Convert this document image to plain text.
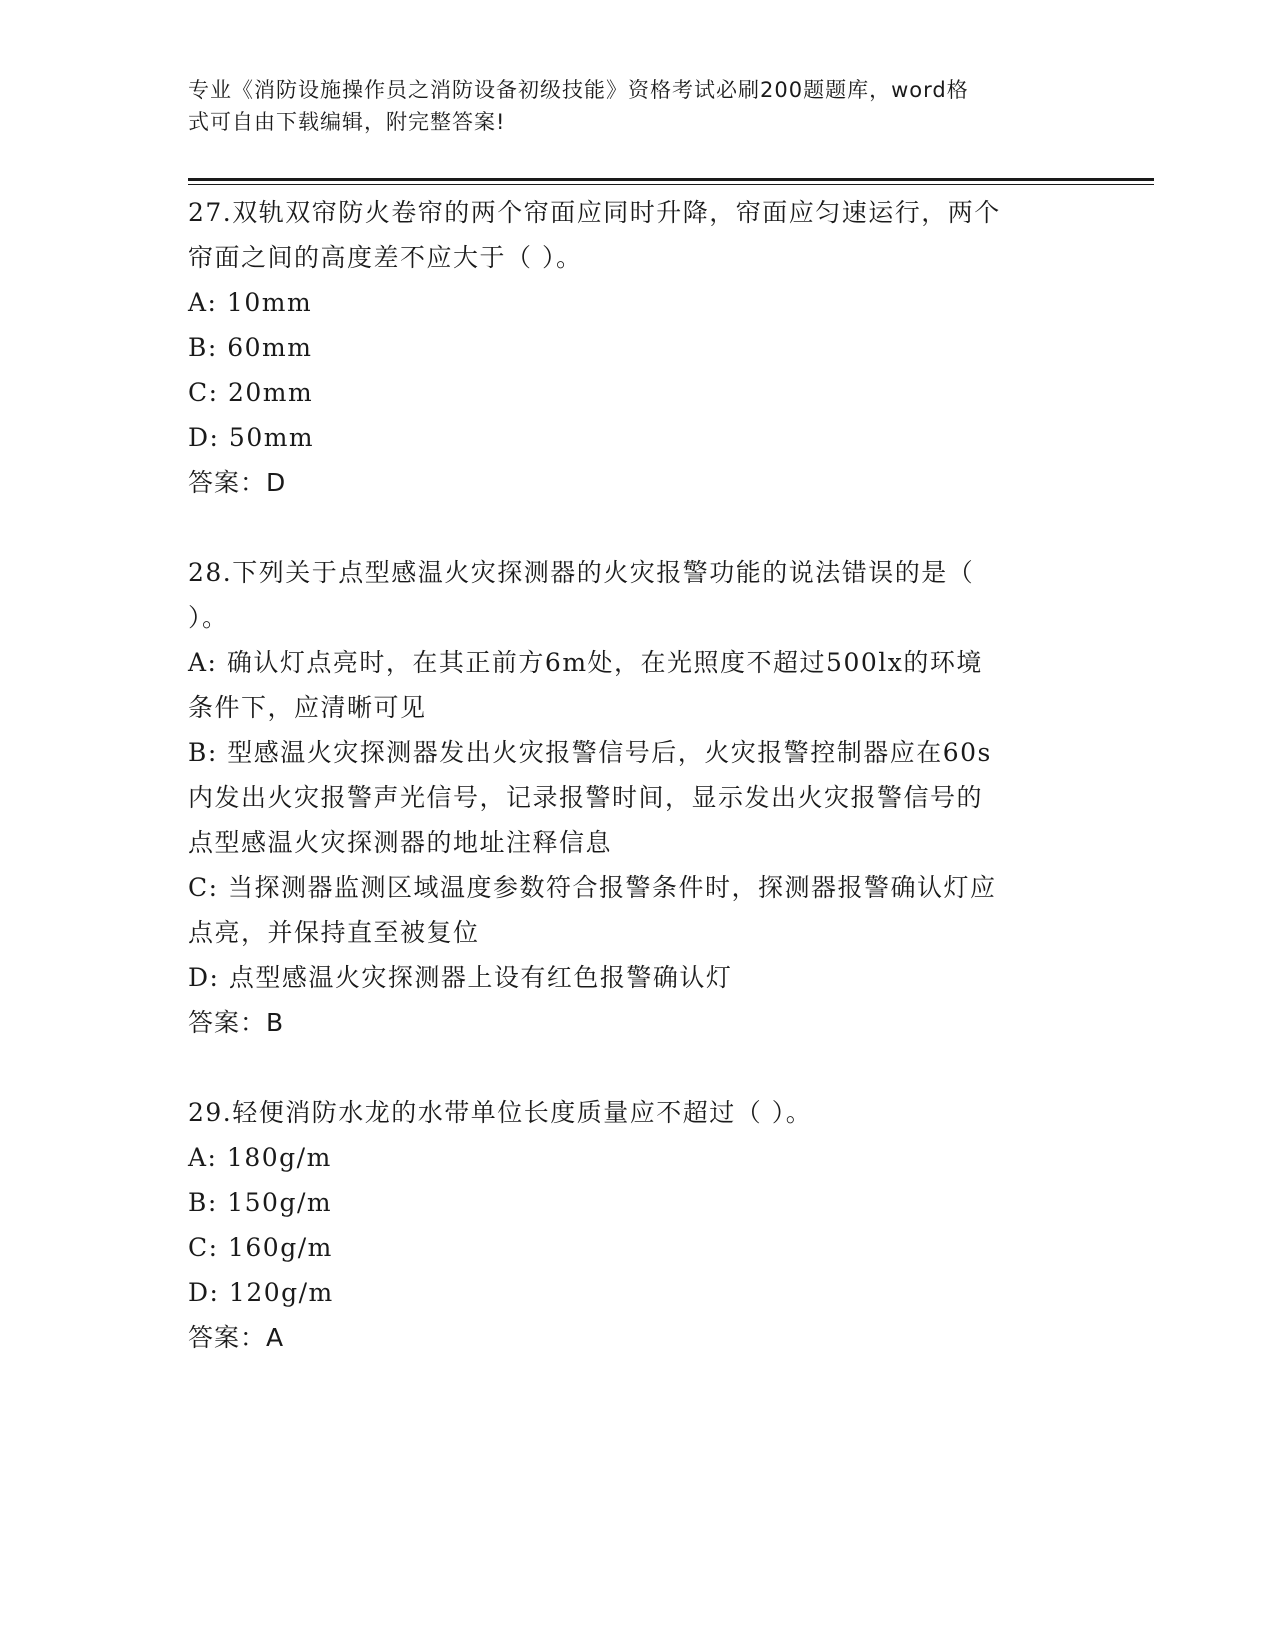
专业《消防设施操作员之消防设备初级技能》资格考试必刷200题题库，word格
式可自由下载编辑，附完整答案!

27.双轨双帘防火卷帘的两个帘面应同时升降，帘面应匀速运行，两个

帘面之间的高度差不应大于（ ）。

A: 10mm

B: 60mm

C: 20mm

D: 50mm

答案：D

28.下列关于点型感温火灾探测器的火灾报警功能的说法错误的是（

）。

A: 确认灯点亮时，在其正前方6m处，在光照度不超过500lx的环境

条件下，应清晰可见

B: 型感温火灾探测器发出火灾报警信号后，火灾报警控制器应在60s

内发出火灾报警声光信号，记录报警时间，显示发出火灾报警信号的

点型感温火灾探测器的地址注释信息

C: 当探测器监测区域温度参数符合报警条件时，探测器报警确认灯应

点亮，并保持直至被复位

D: 点型感温火灾探测器上设有红色报警确认灯

答案：B

29.轻便消防水龙的水带单位长度质量应不超过（ ）。

A: 180g/m

B: 150g/m

C: 160g/m

D: 120g/m

答案：A
